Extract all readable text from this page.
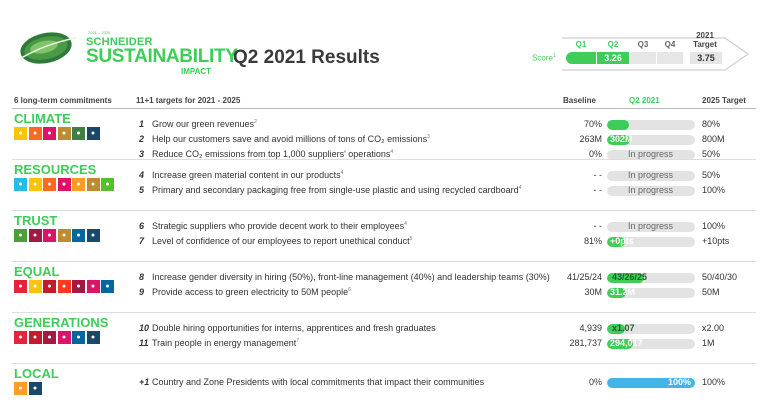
2021 – 2025
SCHNEIDER
SUSTAINABILITY
IMPACT
Q2 2021 Results	Score$^1$
Q1	Q2	Q3	Q4
2021
Target
3.26	3.75
6 long-term commitments	11+1 targets for 2021 - 2025	Baseline	Q2 2021	2025 Target
CLIMATE
●	●	●	●	●	●
1 Grow our green revenues$^2$	70% 70%	80%
2 Help our customers save and avoid millions of tons of CO₂ emissions$^3$	263M 302M	800M
3 Reduce CO₂ emissions from top 1,000 suppliers' operations$^4$	0%	In progress	50%
RESOURCES
●	●	●	●	●	●	●
4 Increase green material content in our products$^4$	- -	In progress	50%
5 Primary and secondary packaging free from single-use plastic and using recycled cardboard$^4$	- -	In progress	100%
TRUST
●	●	●	●	●	●
6 Strategic suppliers who provide decent work to their employees$^4$	- -	In progress	100%
7 Level of confidence of our employees to report unethical conduct$^5$	81% +0pts	+10pts
EQUAL
●	●	●	●	●	●	●
8 Increase gender diversity in hiring (50%), front-line management (40%) and leadership teams (30%)	41/25/24 43/26/25	50/40/30
9 Provide access to green electricity to 50M people$^6$	30M 31.2M	50M
GENERATIONS
●	●	●	●	●	●
10 Double hiring opportunities for interns, apprentices and fresh graduates	4,939 x1.07	x2.00
11 Train people in energy management$^7$	281,737 294,017	1M
LOCAL
●	●
+1 Country and Zone Presidents with local commitments that impact their communities	0%	100% 100%
